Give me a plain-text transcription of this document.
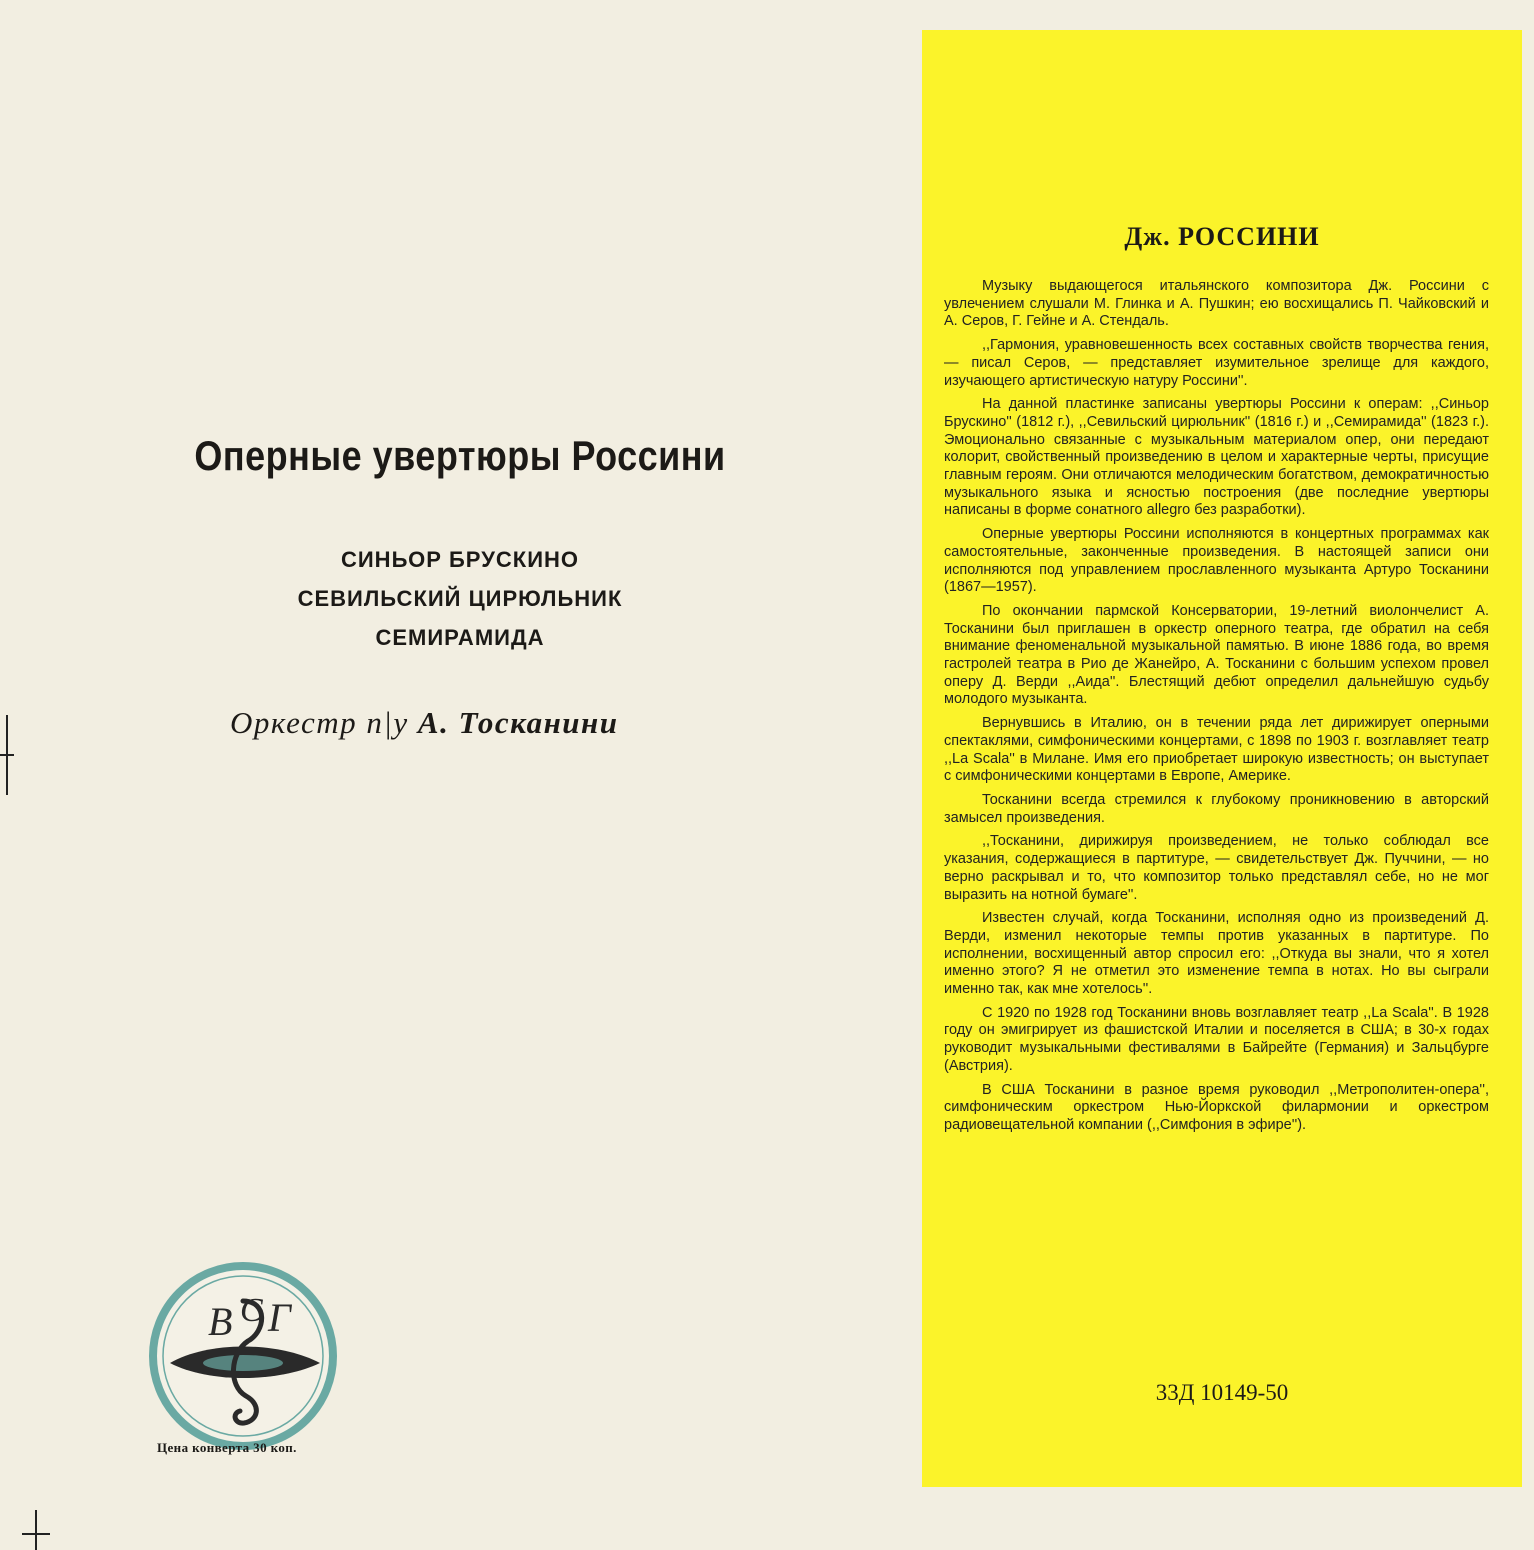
Оперные увертюры Россини
СИНЬОР БРУСКИНО
СЕВИЛЬСКИЙ ЦИРЮЛЬНИК
СЕМИРАМИДА
Оркестр п|у А. Тосканини
В Г
С
Цена конверта 30 коп.
Дж. РОССИНИ

Музыку выдающегося итальянского композитора Дж. Россини с увлечением слушали М. Глинка и А. Пушкин; ею восхищались П. Чайковский и А. Серов, Г. Гейне и А. Стендаль.

,,Гармония, уравновешенность всех составных свойств творчества гения, — писал Серов, — представляет изумительное зрелище для каждого, изучающего артистическую натуру Россини''.

На данной пластинке записаны увертюры Россини к операм: ,,Синьор Брускино'' (1812 г.), ,,Севильский цирюльник'' (1816 г.) и ,,Семирамида'' (1823 г.). Эмоционально связанные с музыкальным материалом опер, они передают колорит, свойственный произведению в целом и характерные черты, присущие главным героям. Они отличаются мелодическим богатством, демократичностью музыкального языка и ясностью построения (две последние увертюры написаны в форме сонатного allegro без разработки).

Оперные увертюры Россини исполняются в концертных программах как самостоятельные, законченные произведения. В настоящей записи они исполняются под управлением прославленного музыканта Артуро Тосканини (1867—1957).

По окончании пармской Консерватории, 19-летний виолончелист А. Тосканини был приглашен в оркестр оперного театра, где обратил на себя внимание феноменальной музыкальной памятью. В июне 1886 года, во время гастролей театра в Рио де Жанейро, А. Тосканини с большим успехом провел оперу Д. Верди ,,Аида''. Блестящий дебют определил дальнейшую судьбу молодого музыканта.

Вернувшись в Италию, он в течении ряда лет дирижирует оперными спектаклями, симфоническими концертами, с 1898 по 1903 г. возглавляет театр ,,La Scala'' в Милане. Имя его приобретает широкую известность; он выступает с симфоническими концертами в Европе, Америке.

Тосканини всегда стремился к глубокому проникновению в авторский замысел произведения.

,,Тосканини, дирижируя произведением, не только соблюдал все указания, содержащиеся в партитуре, — свидетельствует Дж. Пуччини, — но верно раскрывал и то, что композитор только представлял себе, но не мог выразить на нотной бумаге''.

Известен случай, когда Тосканини, исполняя одно из произведений Д. Верди, изменил некоторые темпы против указанных в партитуре. По исполнении, восхищенный автор спросил его: ,,Откуда вы знали, что я хотел именно этого? Я не отметил это изменение темпа в нотах. Но вы сыграли именно так, как мне хотелось''.

С 1920 по 1928 год Тосканини вновь возглавляет театр ,,La Scala''. В 1928 году он эмигрирует из фашистской Италии и поселяется в США; в 30-х годах руководит музыкальными фестивалями в Байрейте (Германия) и Зальцбурге (Австрия).

В США Тосканини в разное время руководил ,,Метрополитен-опера'', симфоническим оркестром Нью-Йоркской филармонии и оркестром радиовещательной компании (,,Симфония в эфире'').

33Д 10149-50
